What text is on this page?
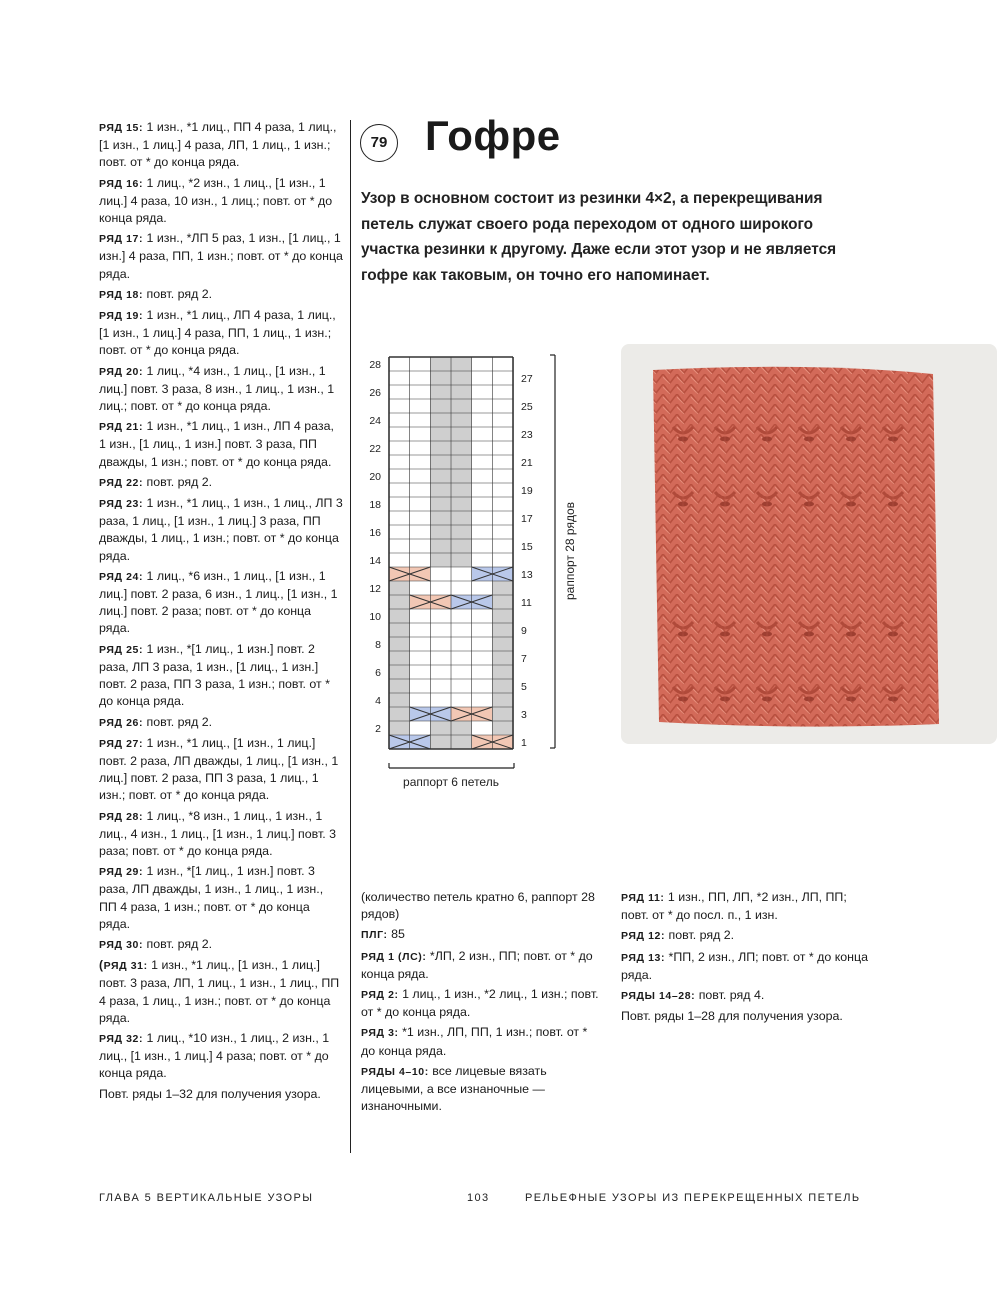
РЯД 15: 1 изн., *1 лиц., ПП 4 раза, 1 лиц., [1 изн., 1 лиц.] 4 раза, ЛП, 1 лиц., 1 изн.; повт. от * до конца ряда.

РЯД 16: 1 лиц., *2 изн., 1 лиц., [1 изн., 1 лиц.] 4 раза, 10 изн., 1 лиц.; повт. от * до конца ряда.

РЯД 17: 1 изн., *ЛП 5 раз, 1 изн., [1 лиц., 1 изн.] 4 раза, ПП, 1 изн.; повт. от * до конца ряда.

РЯД 18: повт. ряд 2.

РЯД 19: 1 изн., *1 лиц., ЛП 4 раза, 1 лиц., [1 изн., 1 лиц.] 4 раза, ПП, 1 лиц., 1 изн.; повт. от * до конца ряда.

РЯД 20: 1 лиц., *4 изн., 1 лиц., [1 изн., 1 лиц.] повт. 3 раза, 8 изн., 1 лиц., 1 изн., 1 лиц.; повт. от * до конца ряда.

РЯД 21: 1 изн., *1 лиц., 1 изн., ЛП 4 раза, 1 изн., [1 лиц., 1 изн.] повт. 3 раза, ПП дважды, 1 изн.; повт. от * до конца ряда.

РЯД 22: повт. ряд 2.

РЯД 23: 1 изн., *1 лиц., 1 изн., 1 лиц., ЛП 3 раза, 1 лиц., [1 изн., 1 лиц.] 3 раза, ПП дважды, 1 лиц., 1 изн.; повт. от * до конца ряда.

РЯД 24: 1 лиц., *6 изн., 1 лиц., [1 изн., 1 лиц.] повт. 2 раза, 6 изн., 1 лиц., [1 изн., 1 лиц.] повт. 2 раза; повт. от * до конца ряда.

РЯД 25: 1 изн., *[1 лиц., 1 изн.] повт. 2 раза, ЛП 3 раза, 1 изн., [1 лиц., 1 изн.] повт. 2 раза, ПП 3 раза, 1 изн.; повт. от * до конца ряда.

РЯД 26: повт. ряд 2.

РЯД 27: 1 изн., *1 лиц., [1 изн., 1 лиц.] повт. 2 раза, ЛП дважды, 1 лиц., [1 изн., 1 лиц.] повт. 2 раза, ПП 3 раза, 1 лиц., 1 изн.; повт. от * до конца ряда.

РЯД 28: 1 лиц., *8 изн., 1 лиц., 1 изн., 1 лиц., 4 изн., 1 лиц., [1 изн., 1 лиц.] повт. 3 раза; повт. от * до конца ряда.

РЯД 29: 1 изн., *[1 лиц., 1 изн.] повт. 3 раза, ЛП дважды, 1 изн., 1 лиц., 1 изн., ПП 4 раза, 1 изн.; повт. от * до конца ряда.

РЯД 30: повт. ряд 2.

(РЯД 31: 1 изн., *1 лиц., [1 изн., 1 лиц.] повт. 3 раза, ЛП, 1 лиц., 1 изн., 1 лиц., ПП 4 раза, 1 лиц., 1 изн.; повт. от * до конца ряда.

РЯД 32: 1 лиц., *10 изн., 1 лиц., 2 изн., 1 лиц., [1 изн., 1 лиц.] 4 раза; повт. от * до конца ряда.

Повт. ряды 1–32 для получения узора.

79 Гофре

Узор в основном состоит из резинки 4×2, а перекрещивания петель служат своего рода переходом от одного широкого участка резинки к другому. Даже если этот узор и не является гофре как таковым, он точно его напоминает.

28
26
24
22
20
18
16
14
12
10
8
6
4
2
27
25
23
21
19
17
15
13
11
9
7
5
3
1
раппорт 28 рядов
раппорт 6 петель

(количество петель кратно 6, раппорт 28 рядов)

ПЛГ: 85

РЯД 1 (ЛС): *ЛП, 2 изн., ПП; повт. от * до конца ряда.

РЯД 2: 1 лиц., 1 изн., *2 лиц., 1 изн.; повт. от * до конца ряда.

РЯД 3: *1 изн., ЛП, ПП, 1 изн.; повт. от * до конца ряда.

РЯДЫ 4–10: все лицевые вязать лицевыми, а все изнаночные — изнаночными.

РЯД 11: 1 изн., ПП, ЛП, *2 изн., ЛП, ПП; повт. от * до посл. п., 1 изн.

РЯД 12: повт. ряд 2.

РЯД 13: *ПП, 2 изн., ЛП; повт. от * до конца ряда.

РЯДЫ 14–28: повт. ряд 4.

Повт. ряды 1–28 для получения узора.

ГЛАВА 5 ВЕРТИКАЛЬНЫЕ УЗОРЫ	103	РЕЛЬЕФНЫЕ УЗОРЫ ИЗ ПЕРЕКРЕЩЕННЫХ ПЕТЕЛЬ
